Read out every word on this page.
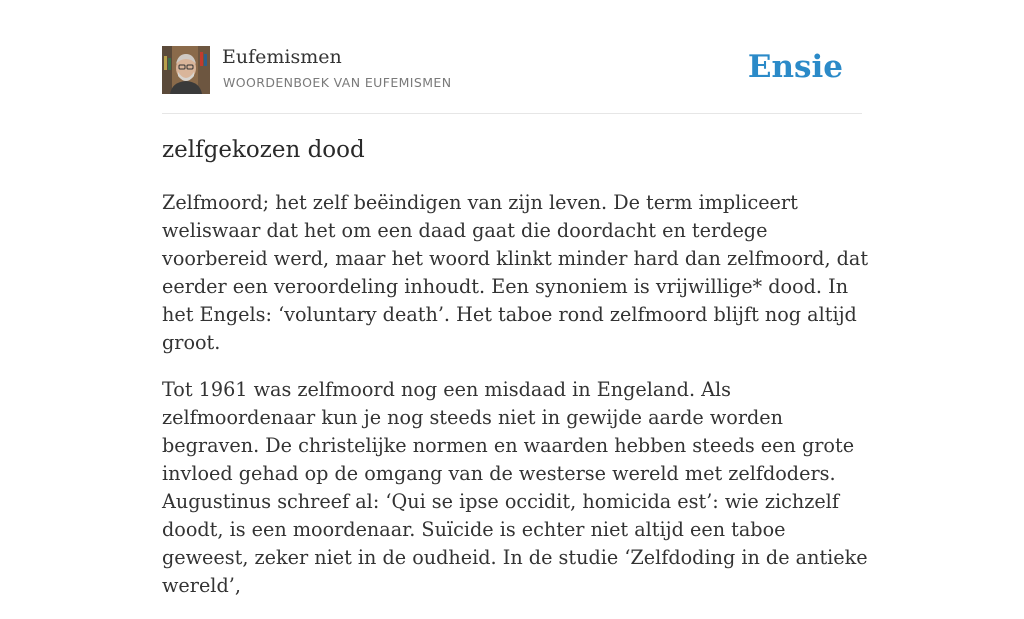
Eufemismen
WOORDENBOEK VAN EUFEMISMEN	Ensie
zelfgekozen dood

Zelfmoord; het zelf beëindigen van zijn leven. De term impliceert weliswaar dat het om een daad gaat die doordacht en terdege voorbereid werd, maar het woord klinkt minder hard dan zelfmoord, dat eerder een veroordeling inhoudt. Een synoniem is vrijwillige* dood. In het Engels: ‘voluntary death’. Het taboe rond zelfmoord blijft nog altijd groot.

Tot 1961 was zelfmoord nog een misdaad in Engeland. Als zelfmoordenaar kun je nog steeds niet in gewijde aarde worden begraven. De christelijke normen en waarden hebben steeds een grote invloed gehad op de omgang van de westerse wereld met zelfdoders. Augustinus schreef al: ‘Qui se ipse occidit, homicida est’: wie zichzelf doodt, is een moordenaar. Suïcide is echter niet altijd een taboe geweest, zeker niet in de oudheid. In de studie ‘Zelfdoding in de antieke wereld’,
